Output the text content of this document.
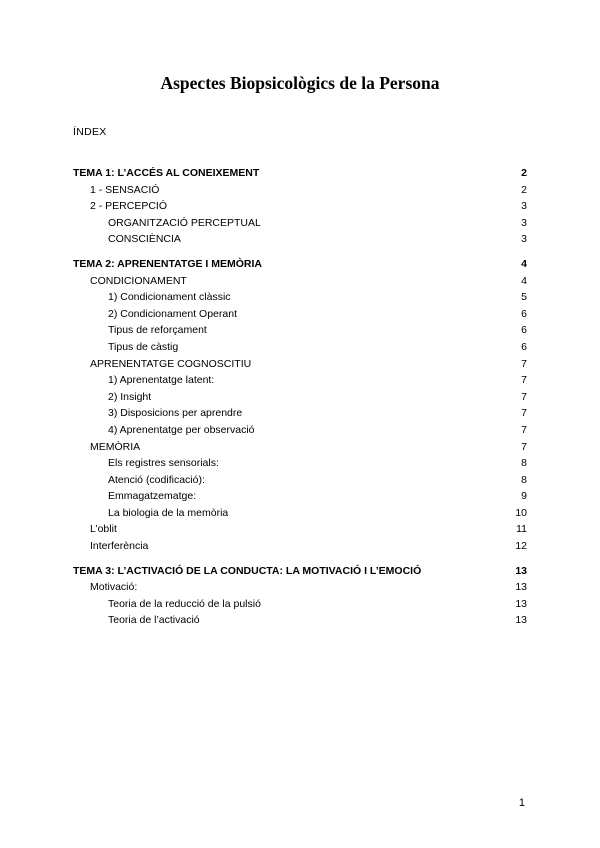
Aspectes Biopsicològics de la Persona
ÍNDEX
TEMA 1: L’ACCÉS AL CONEIXEMENT	2
1 - SENSACIÓ	2
2 - PERCEPCIÓ	3
ORGANITZACIÓ PERCEPTUAL	3
CONSCIÈNCIA	3
TEMA 2: APRENENTATGE I MEMÒRIA	4
CONDICIONAMENT	4
1) Condicionament clàssic	5
2) Condicionament Operant	6
Tipus de reforçament	6
Tipus de càstig	6
APRENENTATGE COGNOSCITIU	7
1) Aprenentatge latent:	7
2) Insight	7
3) Disposicions per aprendre	7
4) Aprenentatge per observació	7
MEMÒRIA	7
Els registres sensorials:	8
Atenció (codificació):	8
Emmagatzematge:	9
La biologia de la memòria	10
L’oblit	11
Interferència	12
TEMA 3: L’ACTIVACIÓ DE LA CONDUCTA: LA MOTIVACIÓ I L’EMOCIÓ	13
Motivació:	13
Teoria de la reducció de la pulsió	13
Teoria de l’activació	13
1
